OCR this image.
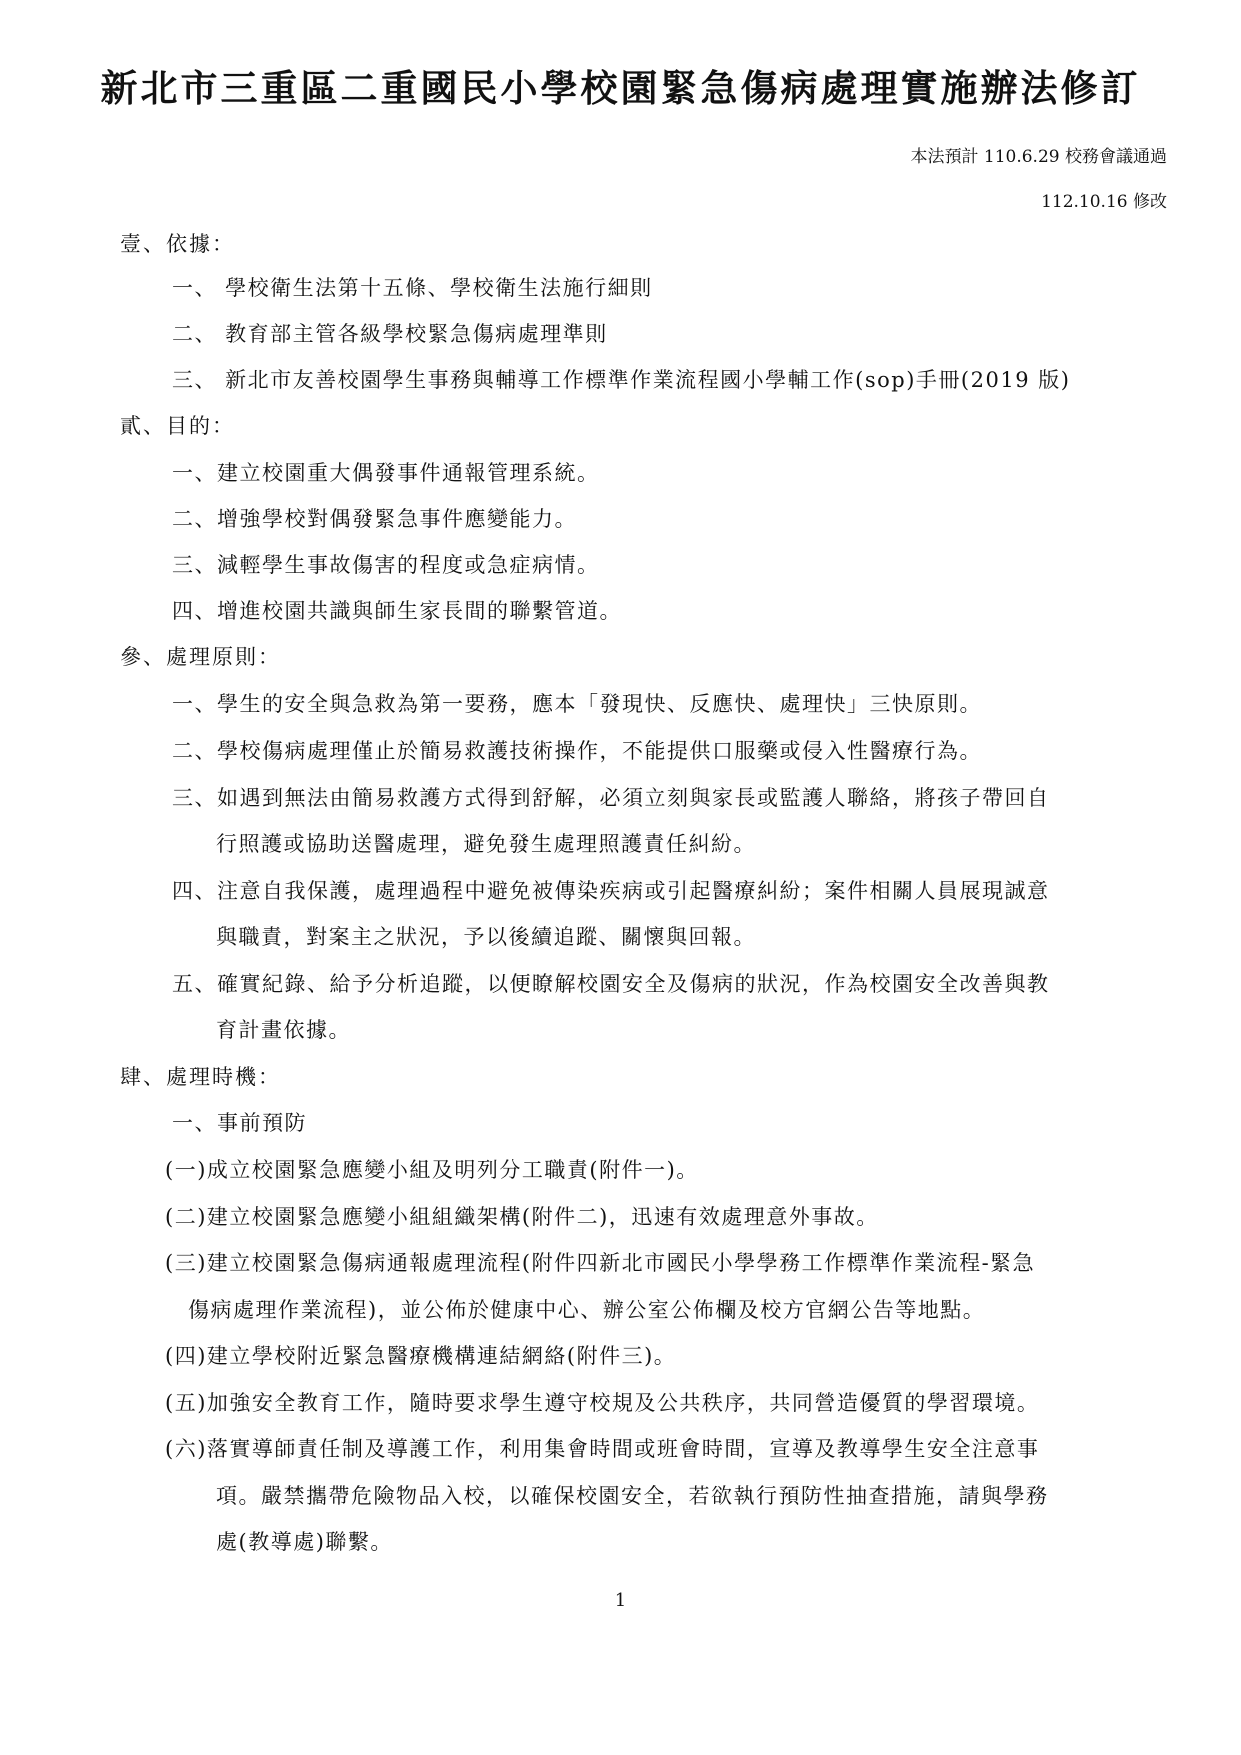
新北市三重區二重國民小學校園緊急傷病處理實施辦法修訂
本法預計 110.6.29 校務會議通過
112.10.16 修改
壹、依據：
一、 學校衛生法第十五條、學校衛生法施行細則
二、 教育部主管各級學校緊急傷病處理準則
三、 新北市友善校園學生事務與輔導工作標準作業流程國小學輔工作(sop)手冊(2019 版)
貳、目的：
一、建立校園重大偶發事件通報管理系統。
二、增強學校對偶發緊急事件應變能力。
三、減輕學生事故傷害的程度或急症病情。
四、增進校園共識與師生家長間的聯繫管道。
參、處理原則：
一、學生的安全與急救為第一要務，應本「發現快、反應快、處理快」三快原則。
二、學校傷病處理僅止於簡易救護技術操作，不能提供口服藥或侵入性醫療行為。
三、如遇到無法由簡易救護方式得到舒解，必須立刻與家長或監護人聯絡，將孩子帶回自
行照護或協助送醫處理，避免發生處理照護責任糾紛。
四、注意自我保護，處理過程中避免被傳染疾病或引起醫療糾紛；案件相關人員展現誠意
與職責，對案主之狀況，予以後續追蹤、關懷與回報。
五、確實紀錄、給予分析追蹤，以便瞭解校園安全及傷病的狀況，作為校園安全改善與教
育計畫依據。
肆、處理時機：
一、事前預防
(一)成立校園緊急應變小組及明列分工職責(附件一)。
(二)建立校園緊急應變小組組織架構(附件二)，迅速有效處理意外事故。
(三)建立校園緊急傷病通報處理流程(附件四新北市國民小學學務工作標準作業流程-緊急
傷病處理作業流程)，並公佈於健康中心、辦公室公佈欄及校方官網公告等地點。
(四)建立學校附近緊急醫療機構連結網絡(附件三)。
(五)加強安全教育工作，隨時要求學生遵守校規及公共秩序，共同營造優質的學習環境。
(六)落實導師責任制及導護工作，利用集會時間或班會時間，宣導及教導學生安全注意事
項。嚴禁攜帶危險物品入校，以確保校園安全，若欲執行預防性抽查措施，請與學務
處(教導處)聯繫。
1
